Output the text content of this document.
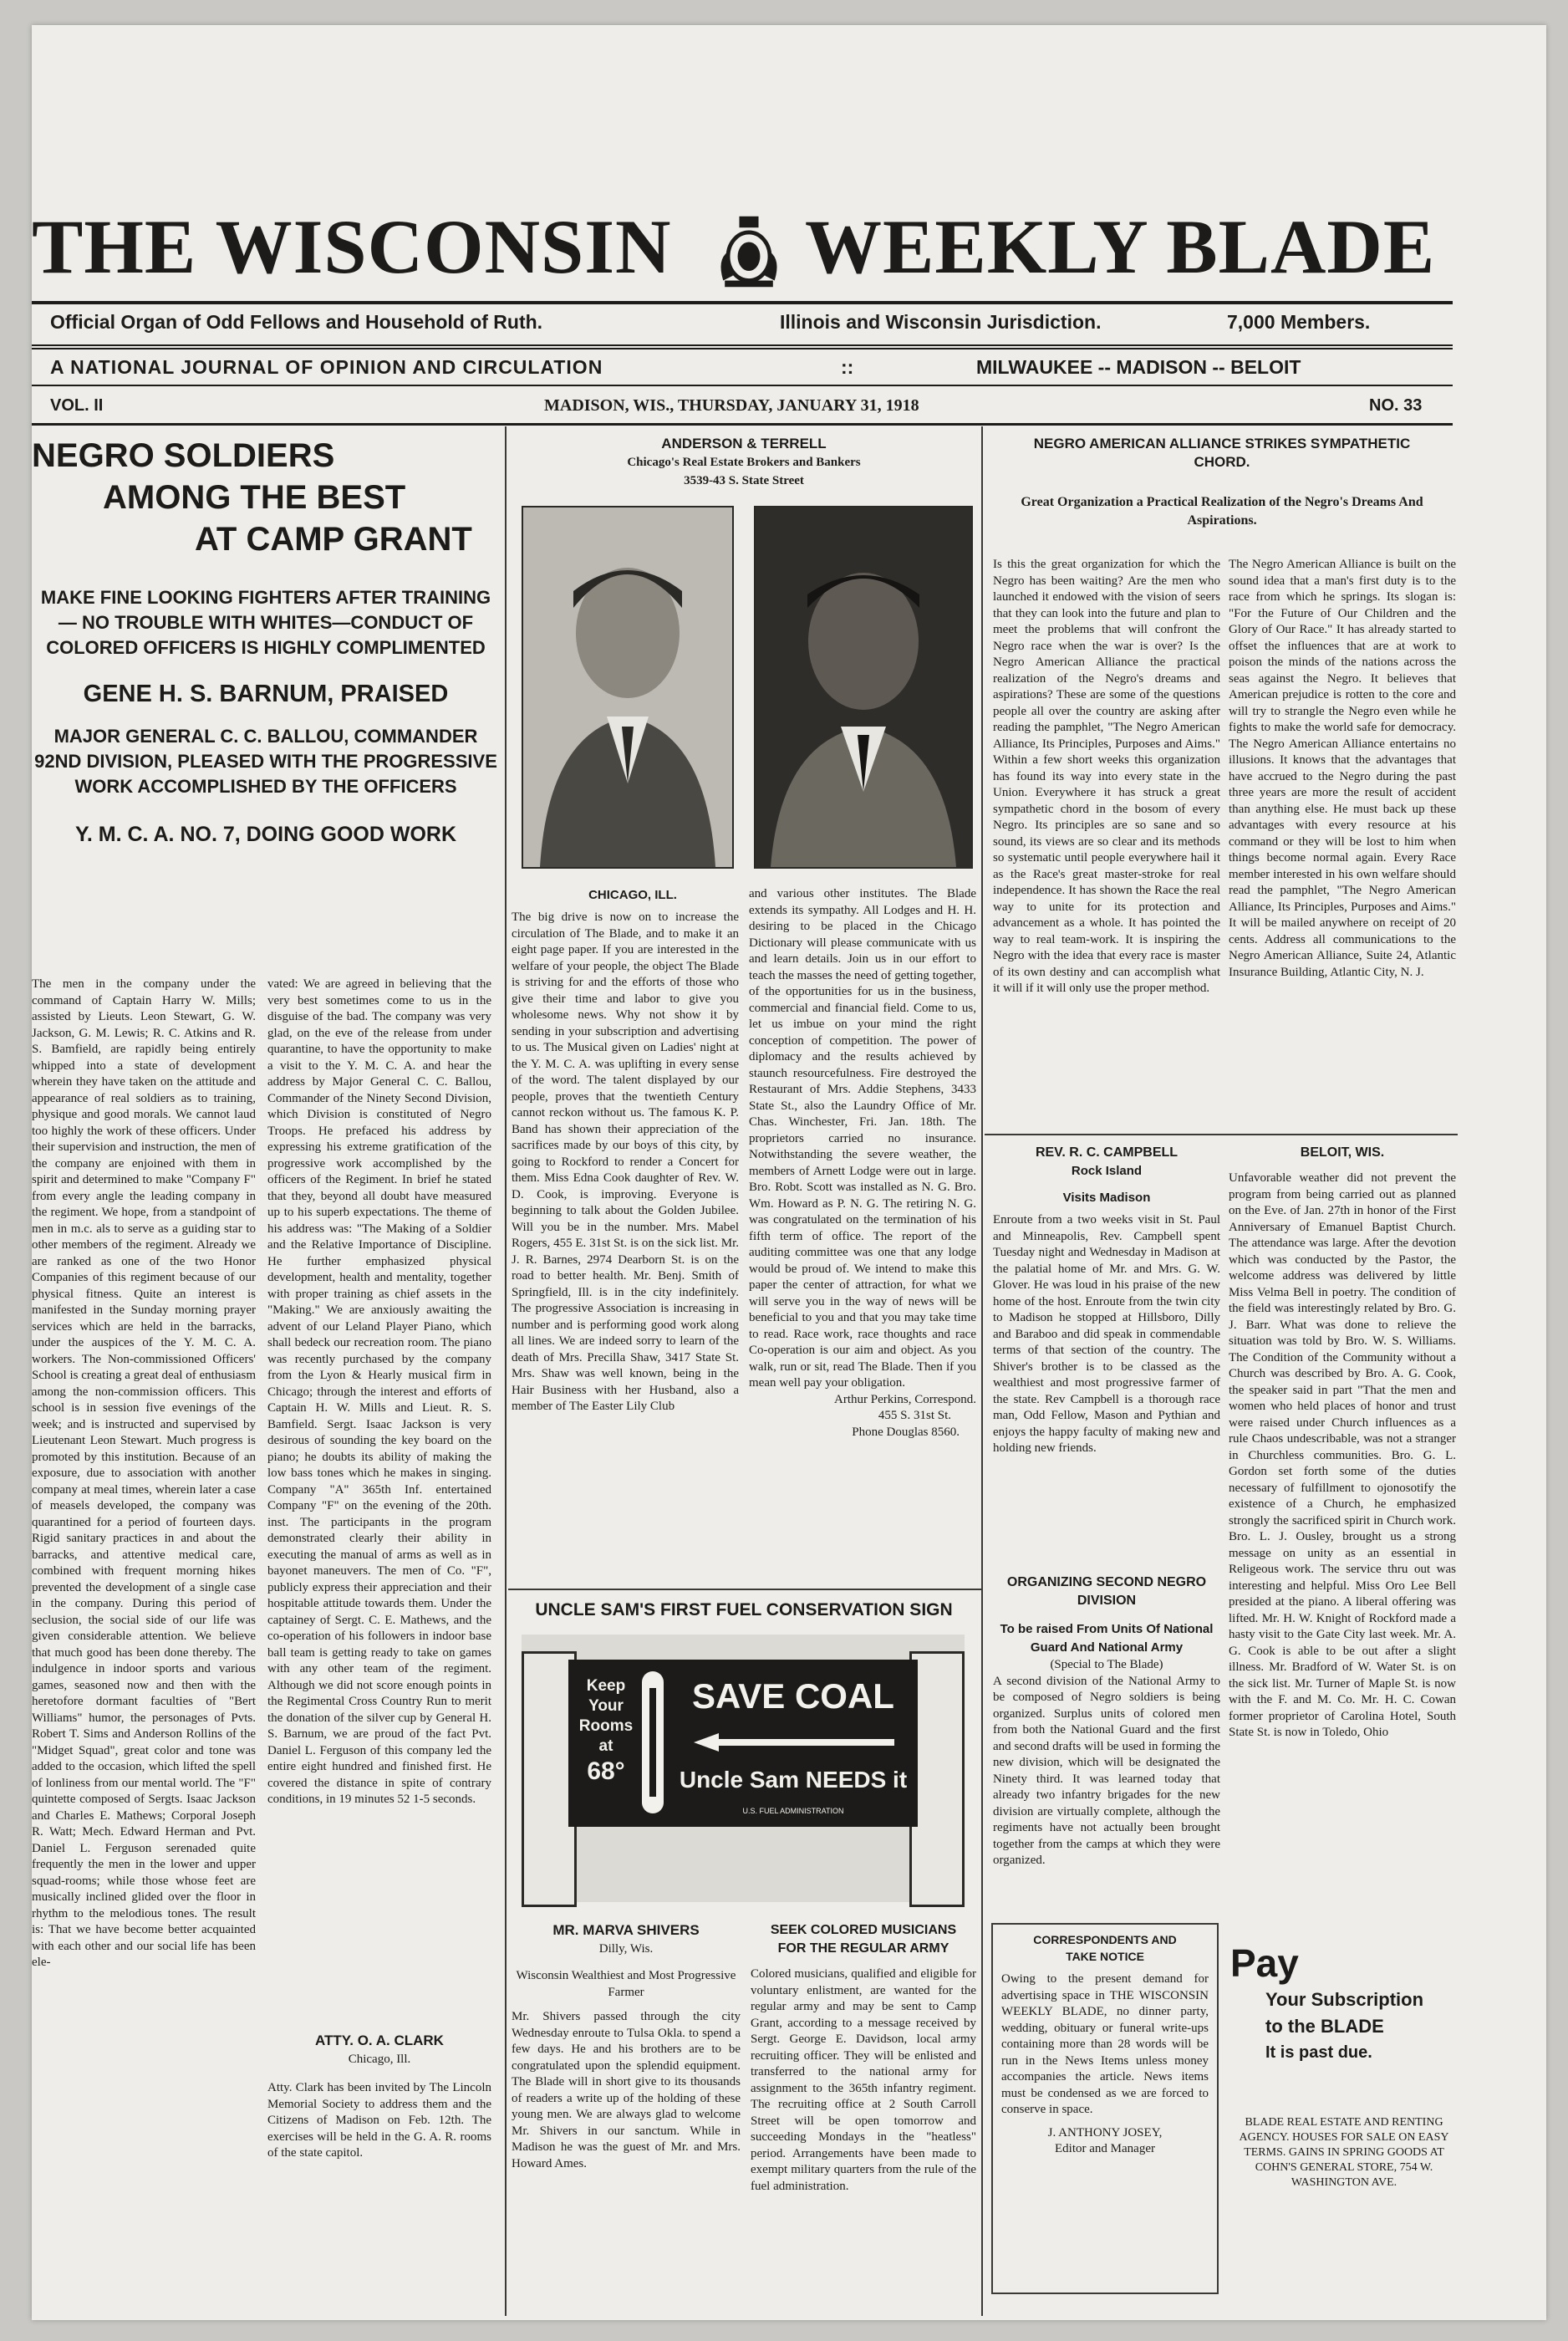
THE WISCONSIN WEEKLY BLADE
Official Organ of Odd Fellows and Household of Ruth.	Illinois and Wisconsin Jurisdiction.	7,000 Members.
A NATIONAL JOURNAL OF OPINION AND CIRCULATION	::	MILWAUKEE -- MADISON -- BELOIT
VOL. II	MADISON, WIS., THURSDAY, JANUARY 31, 1918	NO. 33

NEGRO SOLDIERS

AMONG THE BEST

AT CAMP GRANT

MAKE FINE LOOKING FIGHTERS AFTER TRAINING — NO TROUBLE WITH WHITES—CONDUCT OF COLORED OFFICERS IS HIGHLY COMPLIMENTED

GENE H. S. BARNUM, PRAISED

MAJOR GENERAL C. C. BALLOU, COMMANDER 92ND DIVISION, PLEASED WITH THE PROGRESSIVE WORK ACCOMPLISHED BY THE OFFICERS

Y. M. C. A. NO. 7, DOING GOOD WORK

The men in the company under the command of Captain Harry W. Mills; assisted by Lieuts. Leon Stewart, G. W. Jackson, G. M. Lewis; R. C. Atkins and R. S. Bamfield, are rapidly being entirely whipped into a state of development wherein they have taken on the attitude and appearance of real soldiers as to training, physique and good morals. We cannot laud too highly the work of these officers. Under their supervision and instruction, the men of the company are enjoined with them in spirit and determined to make "Company F" from every angle the leading company in the regiment. We hope, from a standpoint of men in m.c. als to serve as a guiding star to other members of the regiment. Already we are ranked as one of the two Honor Companies of this regiment because of our physical fitness. Quite an interest is manifested in the Sunday morning prayer services which are held in the barracks, under the auspices of the Y. M. C. A. workers. The Non-commissioned Officers' School is creating a great deal of enthusiasm among the non-commission officers. This school is in session five evenings of the week; and is instructed and supervised by Lieutenant Leon Stewart. Much progress is promoted by this institution. Because of an exposure, due to association with another company at meal times, wherein later a case of measels developed, the company was quarantined for a period of fourteen days. Rigid sanitary practices in and about the barracks, and attentive medical care, combined with frequent morning hikes prevented the development of a single case in the company. During this period of seclusion, the social side of our life was given considerable attention. We believe that much good has been done thereby. The indulgence in indoor sports and various games, seasoned now and then with the heretofore dormant faculties of "Bert Williams" humor, the personages of Pvts. Robert T. Sims and Anderson Rollins of the "Midget Squad", great color and tone was added to the occasion, which lifted the spell of lonliness from our mental world. The "F" quintette composed of Sergts. Isaac Jackson and Charles E. Mathews; Corporal Joseph R. Watt; Mech. Edward Herman and Pvt. Daniel L. Ferguson serenaded quite frequently the men in the lower and upper squad-rooms; while those whose feet are musically inclined glided over the floor in rhythm to the melodious tones. The result is: That we have become better acquainted with each other and our social life has been ele-

vated: We are agreed in believing that the very best sometimes come to us in the disguise of the bad. The company was very glad, on the eve of the release from under quarantine, to have the opportunity to make a visit to the Y. M. C. A. and hear the address by Major General C. C. Ballou, Commander of the Ninety Second Division, which Division is constituted of Negro Troops. He prefaced his address by expressing his extreme gratification of the progressive work accomplished by the officers of the Regiment. In brief he stated that they, beyond all doubt have measured up to his superb expectations. The theme of his address was: "The Making of a Soldier and the Relative Importance of Discipline. He further emphasized physical development, health and mentality, together with proper training as chief assets in the "Making." We are anxiously awaiting the advent of our Leland Player Piano, which shall bedeck our recreation room. The piano was recently purchased by the company from the Lyon & Hearly musical firm in Chicago; through the interest and efforts of Captain H. W. Mills and Lieut. R. S. Bamfield. Sergt. Isaac Jackson is very desirous of sounding the key board on the piano; he doubts its ability of making the low bass tones which he makes in singing. Company "A" 365th Inf. entertained Company "F" on the evening of the 20th. inst. The participants in the program demonstrated clearly their ability in executing the manual of arms as well as in bayonet maneuvers. The men of Co. "F", publicly express their appreciation and their hospitable attitude towards them. Under the captainey of Sergt. C. E. Mathews, and the co-operation of his followers in indoor base ball team is getting ready to take on games with any other team of the regiment. Although we did not score enough points in the Regimental Cross Country Run to merit the donation of the silver cup by General H. S. Barnum, we are proud of the fact Pvt. Daniel L. Ferguson of this company led the entire eight hundred and finished first. He covered the distance in spite of contrary conditions, in 19 minutes 52 1-5 seconds.

ATTY. O. A. CLARK

Chicago, Ill.

Atty. Clark has been invited by The Lincoln Memorial Society to address them and the Citizens of Madison on Feb. 12th. The exercises will be held in the G. A. R. rooms of the state capitol.

ANDERSON & TERRELL

Chicago's Real Estate Brokers and Bankers

3539-43 S. State Street

CHICAGO, ILL.

The big drive is now on to increase the circulation of The Blade, and to make it an eight page paper. If you are interested in the welfare of your people, the object The Blade is striving for and the efforts of those who give their time and labor to give you wholesome news. Why not show it by sending in your subscription and advertising to us. The Musical given on Ladies' night at the Y. M. C. A. was uplifting in every sense of the word. The talent displayed by our people, proves that the twentieth Century cannot reckon without us. The famous K. P. Band has shown their appreciation of the sacrifices made by our boys of this city, by going to Rockford to render a Concert for them. Miss Edna Cook daughter of Rev. W. D. Cook, is improving. Everyone is beginning to talk about the Golden Jubilee. Will you be in the number. Mrs. Mabel Rogers, 455 E. 31st St. is on the sick list. Mr. J. R. Barnes, 2974 Dearborn St. is on the road to better health. Mr. Benj. Smith of Springfield, Ill. is in the city indefinitely. The progressive Association is increasing in number and is performing good work along all lines. We are indeed sorry to learn of the death of Mrs. Precilla Shaw, 3417 State St. Mrs. Shaw was well known, being in the Hair Business with her Husband, also a member of The Easter Lily Club

and various other institutes. The Blade extends its sympathy. All Lodges and H. H. desiring to be placed in the Chicago Dictionary will please communicate with us and learn details. Join us in our effort to teach the masses the need of getting together, of the opportunities for us in the business, commercial and financial field. Come to us, let us imbue on your mind the right conception of competition. The power of diplomacy and the results achieved by staunch resourcefulness. Fire destroyed the Restaurant of Mrs. Addie Stephens, 3433 State St., also the Laundry Office of Mr. Chas. Winchester, Fri. Jan. 18th. The proprietors carried no insurance. Notwithstanding the severe weather, the members of Arnett Lodge were out in large. Bro. Robt. Scott was installed as N. G. Bro. Wm. Howard as P. N. G. The retiring N. G. was congratulated on the termination of his fifth term of office. The report of the auditing committee was one that any lodge would be proud of. We intend to make this paper the center of attraction, for what we will serve you in the way of news will be beneficial to you and that you may take time to read. Race work, race thoughts and race Co-operation is our aim and object. As you walk, run or sit, read The Blade. Then if you mean well pay your obligation.

Arthur Perkins, Correspond.

455 S. 31st St.

Phone Douglas 8560.

UNCLE SAM'S FIRST FUEL CONSERVATION SIGN

Keep
Your
Rooms
at
68°
SAVE COAL
Uncle Sam NEEDS it
U.S. FUEL ADMINISTRATION

MR. MARVA SHIVERS

Dilly, Wis.

Wisconsin Wealthiest and Most Progressive Farmer

Mr. Shivers passed through the city Wednesday enroute to Tulsa Okla. to spend a few days. He and his brothers are to be congratulated upon the splendid equipment. The Blade will in short give to its thousands of readers a write up of the holding of these young men. We are always glad to welcome Mr. Shivers in our sanctum. While in Madison he was the guest of Mr. and Mrs. Howard Ames.

SEEK COLORED MUSICIANS

FOR THE REGULAR ARMY

Colored musicians, qualified and eligible for voluntary enlistment, are wanted for the regular army and may be sent to Camp Grant, according to a message received by Sergt. George E. Davidson, local army recruiting officer. They will be enlisted and transferred to the national army for assignment to the 365th infantry regiment. The recruiting office at 2 South Carroll Street will be open tomorrow and succeeding Mondays in the "heatless" period. Arrangements have been made to exempt military quarters from the rule of the fuel administration.

NEGRO AMERICAN ALLIANCE STRIKES SYMPATHETIC

CHORD.

Great Organization a Practical Realization of the Negro's Dreams And Aspirations.

Is this the great organization for which the Negro has been waiting? Are the men who launched it endowed with the vision of seers that they can look into the future and plan to meet the problems that will confront the Negro race when the war is over? Is the Negro American Alliance the practical realization of the Negro's dreams and aspirations? These are some of the questions people all over the country are asking after reading the pamphlet, "The Negro American Alliance, Its Principles, Purposes and Aims." Within a few short weeks this organization has found its way into every state in the Union. Everywhere it has struck a great sympathetic chord in the bosom of every Negro. Its principles are so sane and so sound, its views are so clear and its methods so systematic until people everywhere hail it as the Race's great master-stroke for real independence. It has shown the Race the real way to unite for its protection and advancement as a whole. It has pointed the way to real team-work. It is inspiring the Negro with the idea that every race is master of its own destiny and can accomplish what it will if it will only use the proper method.

The Negro American Alliance is built on the sound idea that a man's first duty is to the race from which he springs. Its slogan is: "For the Future of Our Children and the Glory of Our Race." It has already started to offset the influences that are at work to poison the minds of the nations across the seas against the Negro. It believes that American prejudice is rotten to the core and will try to strangle the Negro even while he fights to make the world safe for democracy. The Negro American Alliance entertains no illusions. It knows that the advantages that have accrued to the Negro during the past three years are more the result of accident than anything else. He must back up these advantages with every resource at his command or they will be lost to him when things become normal again. Every Race member interested in his own welfare should read the pamphlet, "The Negro American Alliance, Its Principles, Purposes and Aims." It will be mailed anywhere on receipt of 20 cents. Address all communications to the Negro American Alliance, Suite 24, Atlantic Insurance Building, Atlantic City, N. J.

REV. R. C. CAMPBELL

Rock Island

Visits Madison

Enroute from a two weeks visit in St. Paul and Minneapolis, Rev. Campbell spent Tuesday night and Wednesday in Madison at the palatial home of Mr. and Mrs. G. W. Glover. He was loud in his praise of the new home of the host. Enroute from the twin city to Madison he stopped at Hillsboro, Dilly and Baraboo and did speak in commendable terms of that section of the country. The Shiver's brother is to be classed as the wealthiest and most progressive farmer of the state. Rev Campbell is a thorough race man, Odd Fellow, Mason and Pythian and enjoys the happy faculty of making new and holding new friends.

ORGANIZING SECOND NEGRO

DIVISION

To be raised From Units Of National Guard And National Army

(Special to The Blade)

A second division of the National Army to be composed of Negro soldiers is being organized. Surplus units of colored men from both the National Guard and the first and second drafts will be used in forming the new division, which will be designated the Ninety third. It was learned today that already two infantry brigades for the new division are virtually complete, although the regiments have not actually been brought together from the camps at which they were organized.

CORRESPONDENTS AND

TAKE NOTICE

Owing to the present demand for advertising space in THE WISCONSIN WEEKLY BLADE, no dinner party, wedding, obituary or funeral write-ups containing more than 28 words will be run in the News Items unless money accompanies the article. News items must be condensed as we are forced to conserve in space.

J. ANTHONY JOSEY,

Editor and Manager

BELOIT, WIS.

Unfavorable weather did not prevent the program from being carried out as planned on the Eve. of Jan. 27th in honor of the First Anniversary of Emanuel Baptist Church. The attendance was large. After the devotion which was conducted by the Pastor, the welcome address was delivered by little Miss Velma Bell in poetry. The condition of the field was interestingly related by Bro. G. J. Barr. What was done to relieve the situation was told by Bro. W. S. Williams. The Condition of the Community without a Church was described by Bro. A. G. Cook, the speaker said in part "That the men and women who held places of honor and trust were raised under Church influences as a rule Chaos undescribable, was not a stranger in Churchless communities. Bro. G. L. Gordon set forth some of the duties necessary of fulfillment to ojonosotify the existence of a Church, he emphasized strongly the sacrificed spirit in Church work. Bro. L. J. Ousley, brought us a strong message on unity as an essential in Religeous work. The service thru out was interesting and helpful. Miss Oro Lee Bell presided at the piano. A liberal offering was lifted. Mr. H. W. Knight of Rockford made a hasty visit to the Gate City last week. Mr. A. G. Cook is able to be out after a slight illness. Mr. Bradford of W. Water St. is on the sick list. Mr. Turner of Maple St. is now with the F. and M. Co. Mr. H. C. Cowan former proprietor of Carolina Hotel, South State St. is now in Toledo, Ohio

Pay
Your Subscription
to the BLADE
It is past due.

BLADE REAL ESTATE AND RENTING AGENCY. HOUSES FOR SALE ON EASY TERMS. GAINS IN SPRING GOODS AT COHN'S GENERAL STORE, 754 W. WASHINGTON AVE.
